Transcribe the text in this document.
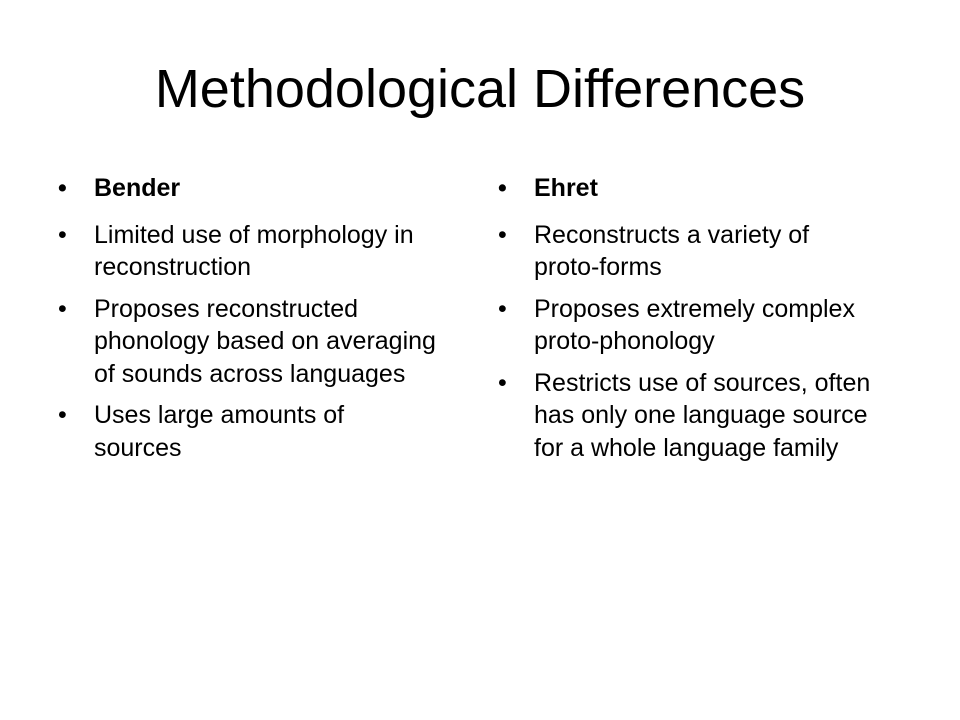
Methodological Differences
•	Bender
•	Limited use of morphology in reconstruction
•	Proposes reconstructed phonology based on averaging of sounds across languages
•	Uses large amounts of sources
•	Ehret
•	Reconstructs a variety of proto-forms
•	Proposes extremely complex proto-phonology
•	Restricts use of sources, often has only one language source for a whole language family
